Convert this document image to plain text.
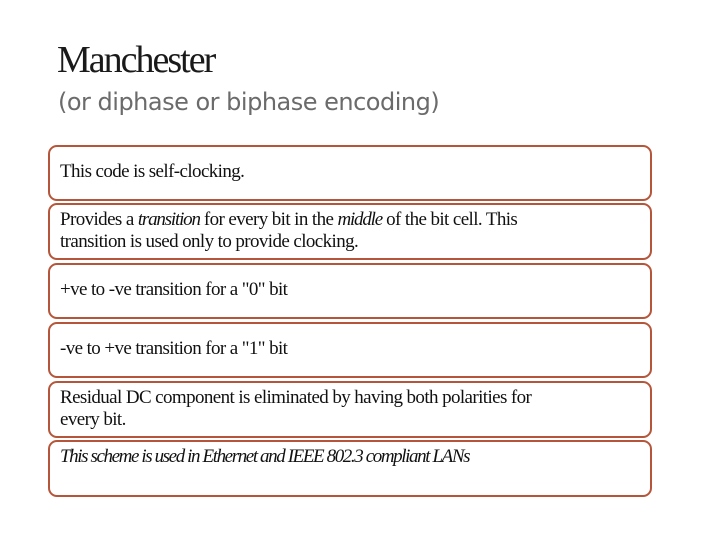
Manchester
(or diphase or biphase encoding)
This code is self-clocking.
Provides a transition for every bit in the middle of the bit cell. This
transition is used only to provide clocking.
+ve to -ve transition for a "0" bit
-ve to +ve transition for a "1" bit
Residual DC component is eliminated by having both polarities for
every bit.
This scheme is used in Ethernet and IEEE 802.3 compliant LANs
